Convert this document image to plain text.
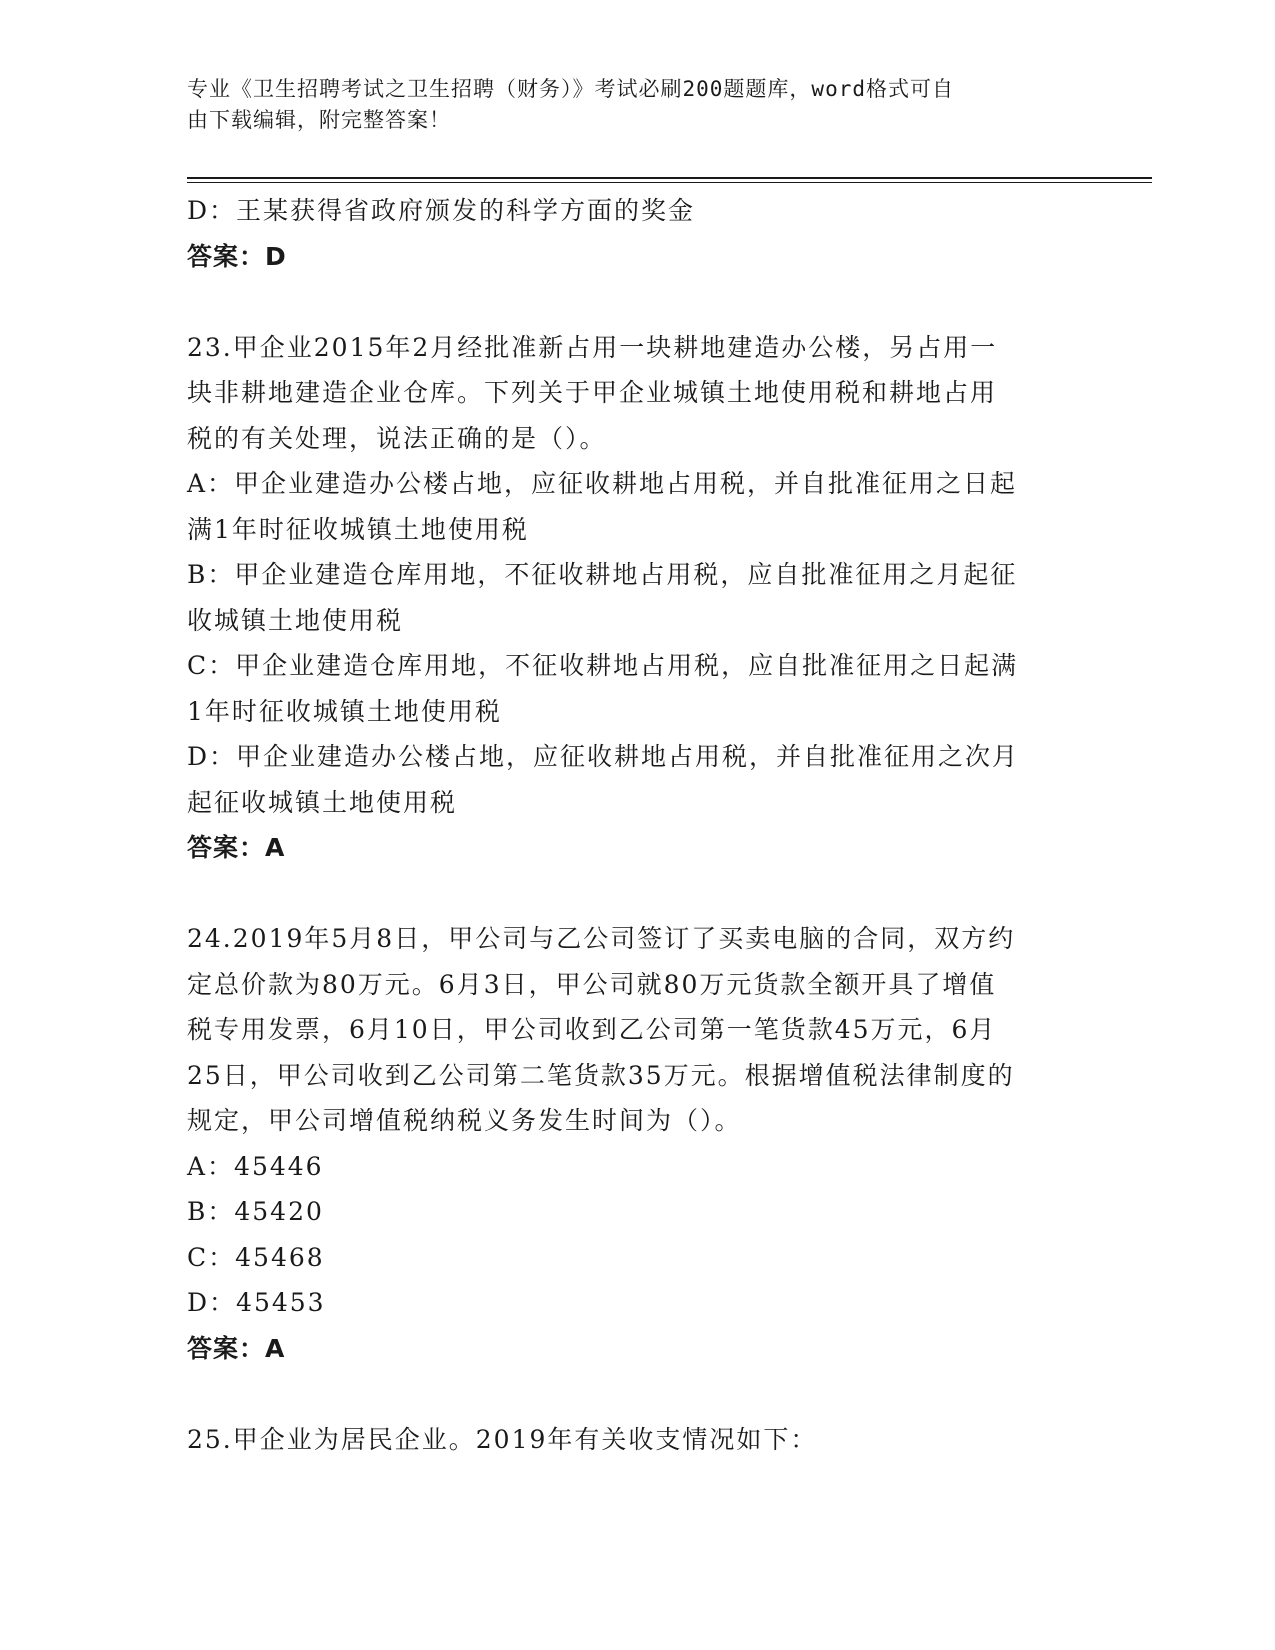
专业《卫生招聘考试之卫生招聘（财务）》考试必刷200题题库，word格式可自
由下载编辑，附完整答案！
D：王某获得省政府颁发的科学方面的奖金
答案：D
23.甲企业2015年2月经批准新占用一块耕地建造办公楼，另占用一
块非耕地建造企业仓库。下列关于甲企业城镇土地使用税和耕地占用
税的有关处理，说法正确的是（）。
A：甲企业建造办公楼占地，应征收耕地占用税，并自批准征用之日起
满1年时征收城镇土地使用税
B：甲企业建造仓库用地，不征收耕地占用税，应自批准征用之月起征
收城镇土地使用税
C：甲企业建造仓库用地，不征收耕地占用税，应自批准征用之日起满
1年时征收城镇土地使用税
D：甲企业建造办公楼占地，应征收耕地占用税，并自批准征用之次月
起征收城镇土地使用税
答案：A
24.2019年5月8日，甲公司与乙公司签订了买卖电脑的合同，双方约
定总价款为80万元。6月3日，甲公司就80万元货款全额开具了增值
税专用发票，6月10日，甲公司收到乙公司第一笔货款45万元，6月
25日，甲公司收到乙公司第二笔货款35万元。根据增值税法律制度的
规定，甲公司增值税纳税义务发生时间为（）。
A：45446
B：45420
C：45468
D：45453
答案：A
25.甲企业为居民企业。2019年有关收支情况如下：
